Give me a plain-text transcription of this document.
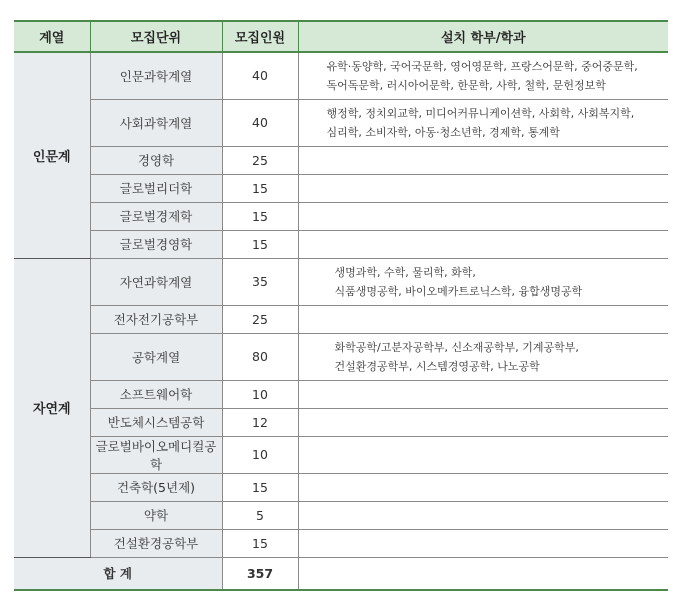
계열	모집단위	모집인원	설치 학부/학과
인문계	인문과학계열	40	유학·동양학, 국어국문학, 영어영문학, 프랑스어문학, 중어중문학,
독어독문학, 러시아어문학, 한문학, 사학, 철학, 문헌정보학

	사회과학계열	40	행정학, 정치외교학, 미디어커뮤니케이션학, 사회학, 사회복지학,
심리학, 소비자학, 아동·청소년학, 경제학, 통계학

	경영학	25	
	글로벌리더학	15	
	글로벌경제학	15	
	글로벌경영학	15	
자연계	자연과학계열	35	생명과학, 수학, 물리학, 화학,
식품생명공학, 바이오메카트로닉스학, 융합생명공학

	전자전기공학부	25	
	공학계열	80	화학공학/고분자공학부, 신소재공학부, 기계공학부,
건설환경공학부, 시스템경영공학, 나노공학

	소프트웨어학	10	
	반도체시스템공학	12	
	글로벌바이오메디컬공학	10	
	건축학(5년제)	15	
	약학	5	
	건설환경공학부	15	
합 계		357	
